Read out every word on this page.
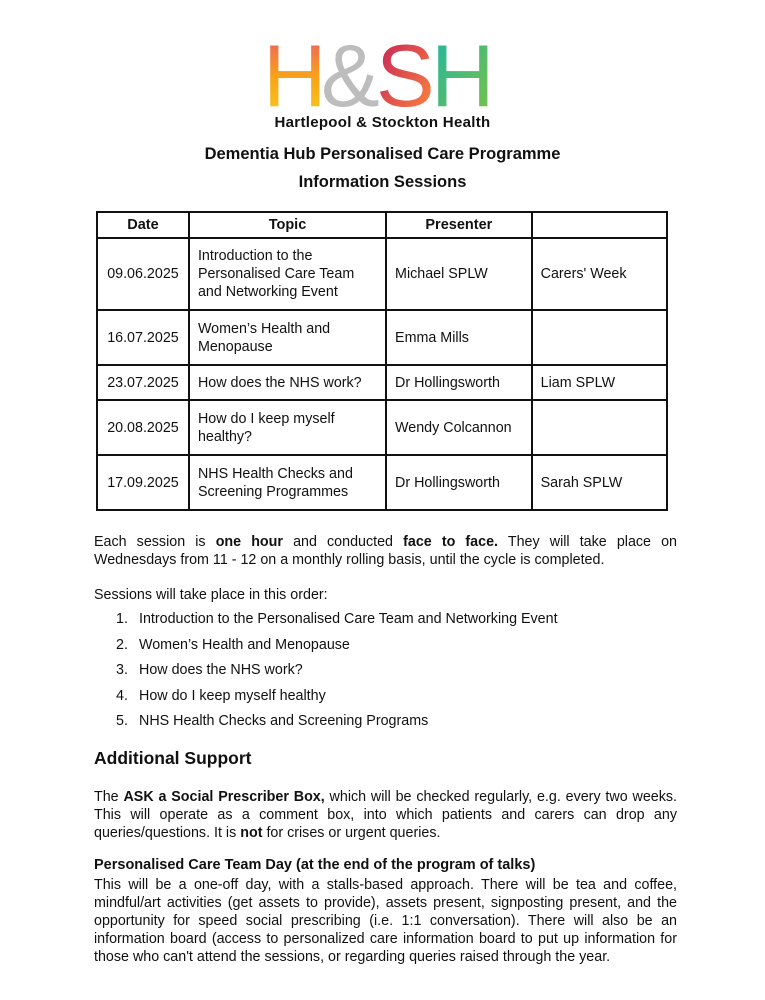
H
& S H
Hartlepool & Stockton Health
Dementia Hub Personalised Care Programme
Information Sessions
Date	Topic	Presenter	
09.06.2025	Introduction to the Personalised Care Team and Networking Event	Michael SPLW	Carers' Week
16.07.2025	Women’s Health and Menopause	Emma Mills	
23.07.2025	How does the NHS work?	Dr Hollingsworth	Liam SPLW
20.08.2025	How do I keep myself healthy?	Wendy Colcannon	
17.09.2025	NHS Health Checks and Screening Programmes	Dr Hollingsworth	Sarah SPLW
Each session is one hour and conducted face to face. They will take place on Wednesdays from 11 - 12 on a monthly rolling basis, until the cycle is completed.
Sessions will take place in this order:
1. Introduction to the Personalised Care Team and Networking Event
2. Women’s Health and Menopause
3. How does the NHS work?
4. How do I keep myself healthy
5. NHS Health Checks and Screening Programs
Additional Support
The ASK a Social Prescriber Box, which will be checked regularly, e.g. every two weeks. This will operate as a comment box, into which patients and carers can drop any queries/questions. It is not for crises or urgent queries.
Personalised Care Team Day (at the end of the program of talks)
This will be a one-off day, with a stalls-based approach. There will be tea and coffee, mindful/art activities (get assets to provide), assets present, signposting present, and the opportunity for speed social prescribing (i.e. 1:1 conversation). There will also be an information board (access to personalized care information board to put up information for those who can't attend the sessions, or regarding queries raised through the year.
